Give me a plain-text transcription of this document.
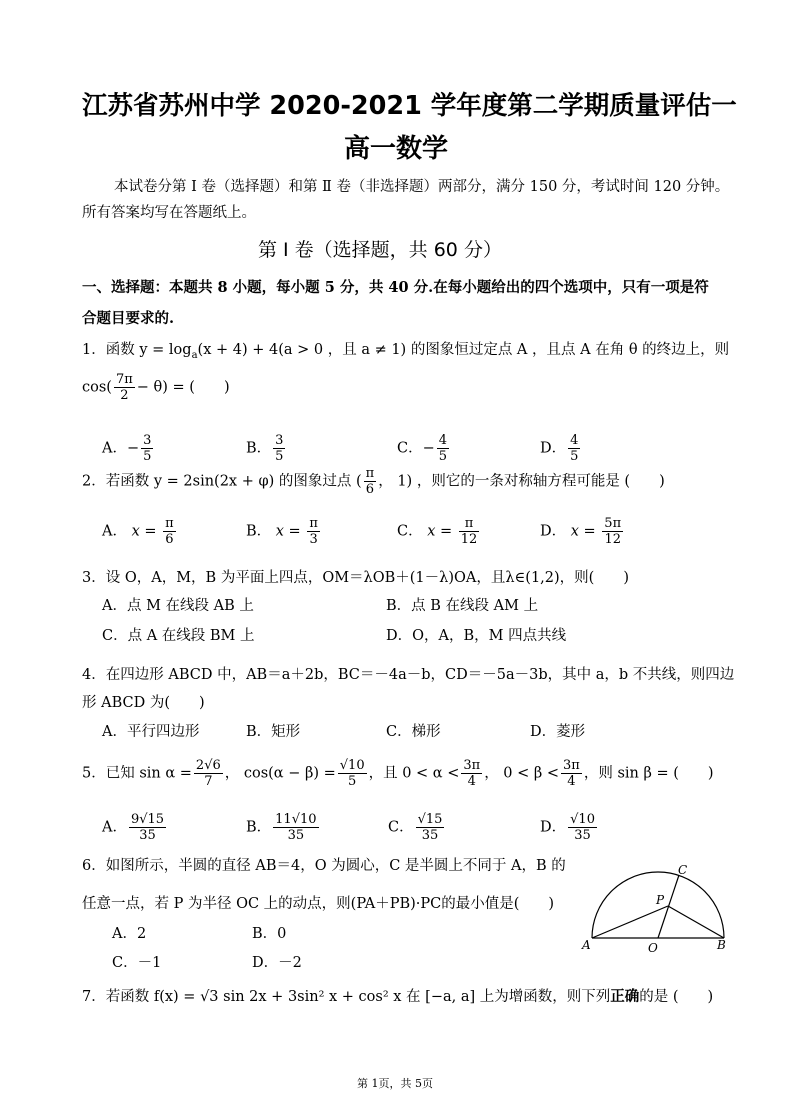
江苏省苏州中学 2020-2021 学年度第二学期质量评估一
高一数学
本试卷分第 Ⅰ 卷（选择题）和第 Ⅱ 卷（非选择题）两部分，满分 150 分，考试时间 120 分钟。
所有答案均写在答题纸上。
第 Ⅰ 卷（选择题，共 60 分）
一、选择题：本题共 8 小题，每小题 5 分，共 40 分.在每小题给出的四个选项中，只有一项是符
合题目要求的.
1．函数 $y = \log_a(x + 4) + 4(a > 0$ ，且 a ≠ 1) 的图象恒过定点 A ，且点 A 在角 θ 的终边上，则
$\cos( \frac{7\pi}{2} - \theta)$ = (　　)
A．− $\frac{3}{5}$	B． $\frac{3}{5}$	C．− $\frac{4}{5}$	D． $\frac{4}{5}$
2．若函数 y = 2sin(2x + φ) 的图象过点 ( $\frac{\pi}{6}$ ， 1) ，则它的一条对称轴方程可能是 (　　)
A． $x = \frac{\pi}{6}$	B． $x = \frac{\pi}{3}$	C． $x = \frac{\pi}{12}$	D． $x = \frac{5\pi}{12}$
3．设 O，A，M，B 为平面上四点，OM＝λOB＋(1－λ)OA，且λ∈(1,2)，则(　　)
A．点 M 在线段 AB 上	B．点 B 在线段 AM 上
C．点 A 在线段 BM 上	D．O，A，B，M 四点共线
4．在四边形 ABCD 中，AB＝a＋2b，BC＝－4a－b，CD＝－5a－3b，其中 a，b 不共线，则四边
形 ABCD 为(　　)
A．平行四边形	B．矩形	C．梯形	D．菱形
5．已知 $\sin \alpha = \frac{2√6}{7}$ ， $\cos(\alpha - \beta) = \frac{√10}{5}$ ，且 $0 < \alpha < \frac{3\pi}{4}$ ， $0 < \beta < \frac{3\pi}{4}$ ，则 sin β = (　　)
A． $\frac{9√15}{35}$	B． $\frac{11√10}{35}$	C． $\frac{√15}{35}$	D． $\frac{√10}{35}$
6．如图所示，半圆的直径 AB＝4，O 为圆心，C 是半圆上不同于 A，B 的
任意一点，若 P 为半径 OC 上的动点，则(PA＋PB)·PC的最小值是(　　)
A．2	B．0
C．－1	D．－2
A	B
O
C
P
7．若函数 f(x) = √3 sin 2x + 3sin² x + cos² x 在 [−a, a] 上为增函数，则下列正确的是 (　　)
第 1页，共 5页
